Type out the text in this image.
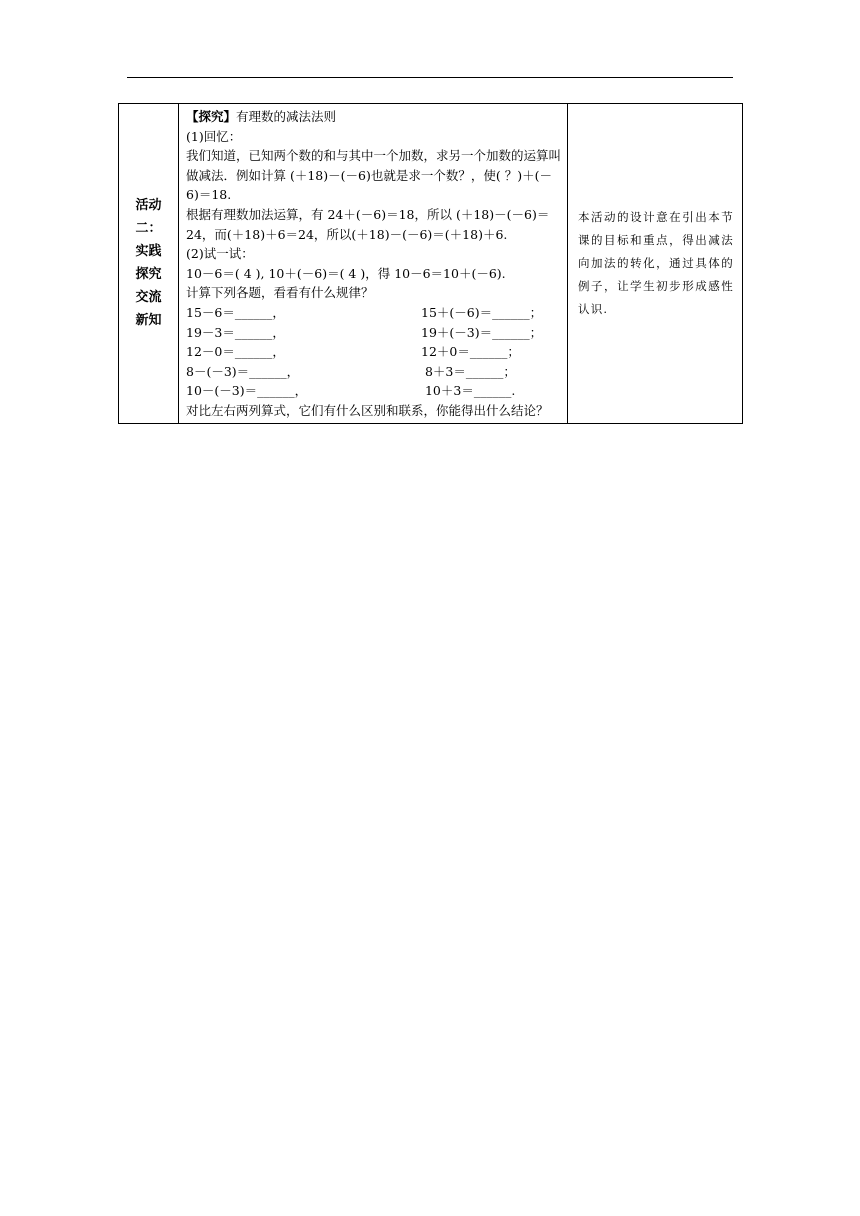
活动
二：
实践
探究
交流
新知

【探究】有理数的减法法则

(1)回忆：

我们知道，已知两个数的和与其中一个加数，求另一个加数的运算叫做减法．例如计算 (＋18)－(－6)也就是求一个数？，使( ？)＋(－6)＝18.

根据有理数加法运算，有 24＋(－6)＝18，所以 (＋18)－(－6)＝24，而(＋18)＋6＝24，所以(＋18)－(－6)＝(＋18)＋6.

(2)试一试：

10－6＝( 4 ), 10＋(－6)＝( 4 )，得 10－6＝10＋(－6).

计算下列各题，看看有什么规律？

15－6＝______，	15＋(－6)＝______；
19－3＝______，	19＋(－3)＝______；
12－0＝______，	12＋0＝______；
8－(－3)＝______，	8＋3＝______；
10－(－3)＝______，	10＋3＝______.

对比左右两列算式，它们有什么区别和联系，你能得出什么结论？

本活动的设计意在引出本节课的目标和重点，得出减法向加法的转化，通过具体的例子，让学生初步形成感性认识.
